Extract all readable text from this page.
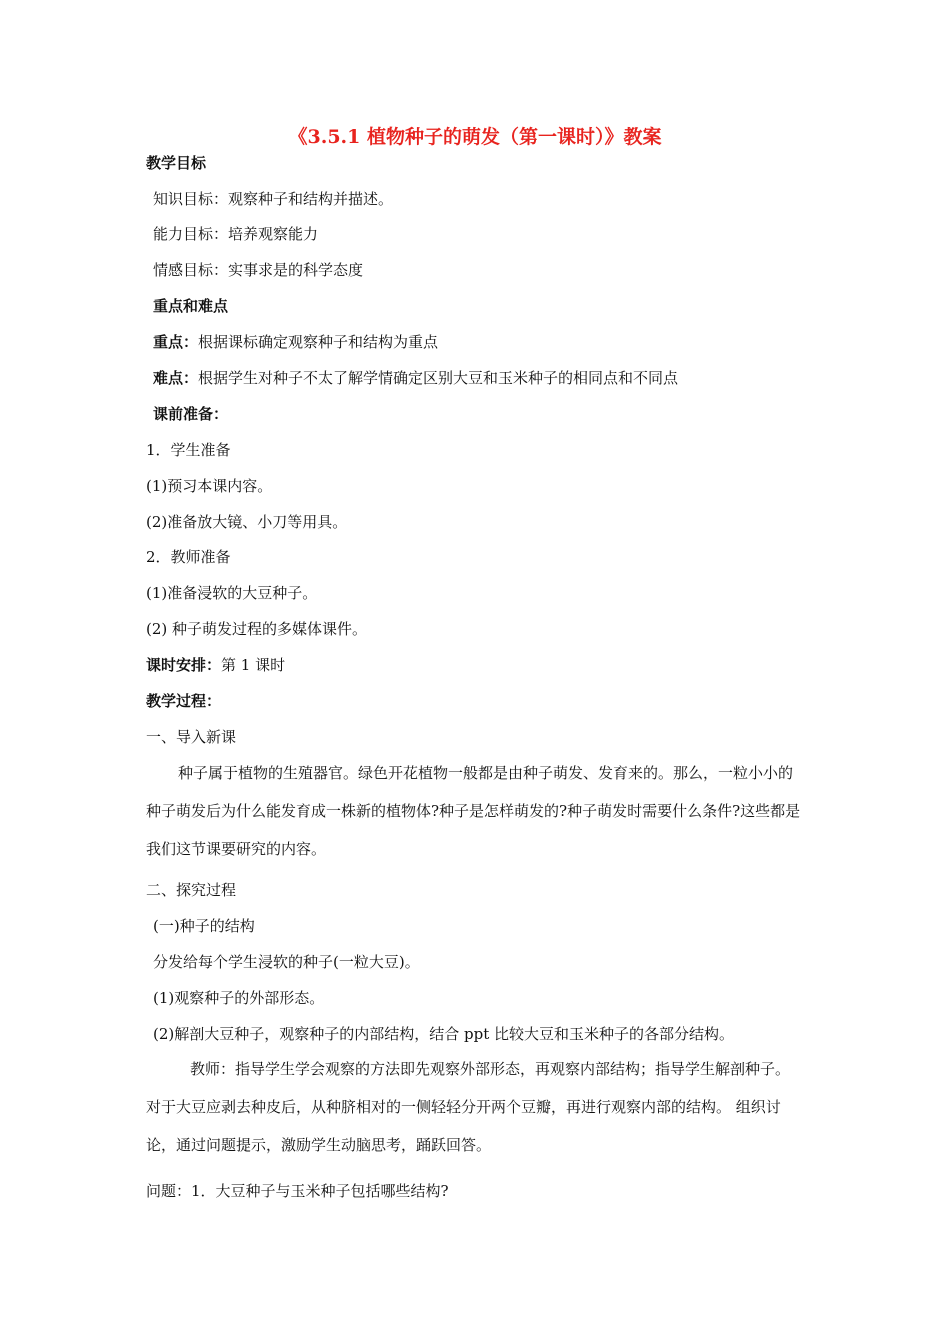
《3.5.1 植物种子的萌发（第一课时）》教案
教学目标
知识目标：观察种子和结构并描述。
能力目标：培养观察能力
情感目标：实事求是的科学态度
重点和难点
重点：根据课标确定观察种子和结构为重点
难点：根据学生对种子不太了解学情确定区别大豆和玉米种子的相同点和不同点
课前准备：
1．学生准备
(1)预习本课内容。
(2)准备放大镜、小刀等用具。
2．教师准备
(1)准备浸软的大豆种子。
(2) 种子萌发过程的多媒体课件。
课时安排：第 1 课时
教学过程：
一、导入新课
种子属于植物的生殖器官。绿色开花植物一般都是由种子萌发、发育来的。那么，一粒小小的种子萌发后为什么能发育成一株新的植物体?种子是怎样萌发的?种子萌发时需要什么条件?这些都是我们这节课要研究的内容。
二、探究过程
(一)种子的结构
分发给每个学生浸软的种子(一粒大豆)。
(1)观察种子的外部形态。
(2)解剖大豆种子，观察种子的内部结构，结合 ppt 比较大豆和玉米种子的各部分结构。
教师：指导学生学会观察的方法即先观察外部形态，再观察内部结构；指导学生解剖种子。对于大豆应剥去种皮后，从种脐相对的一侧轻轻分开两个豆瓣，再进行观察内部的结构。 组织讨论，通过问题提示，激励学生动脑思考，踊跃回答。
问题：1．大豆种子与玉米种子包括哪些结构?
